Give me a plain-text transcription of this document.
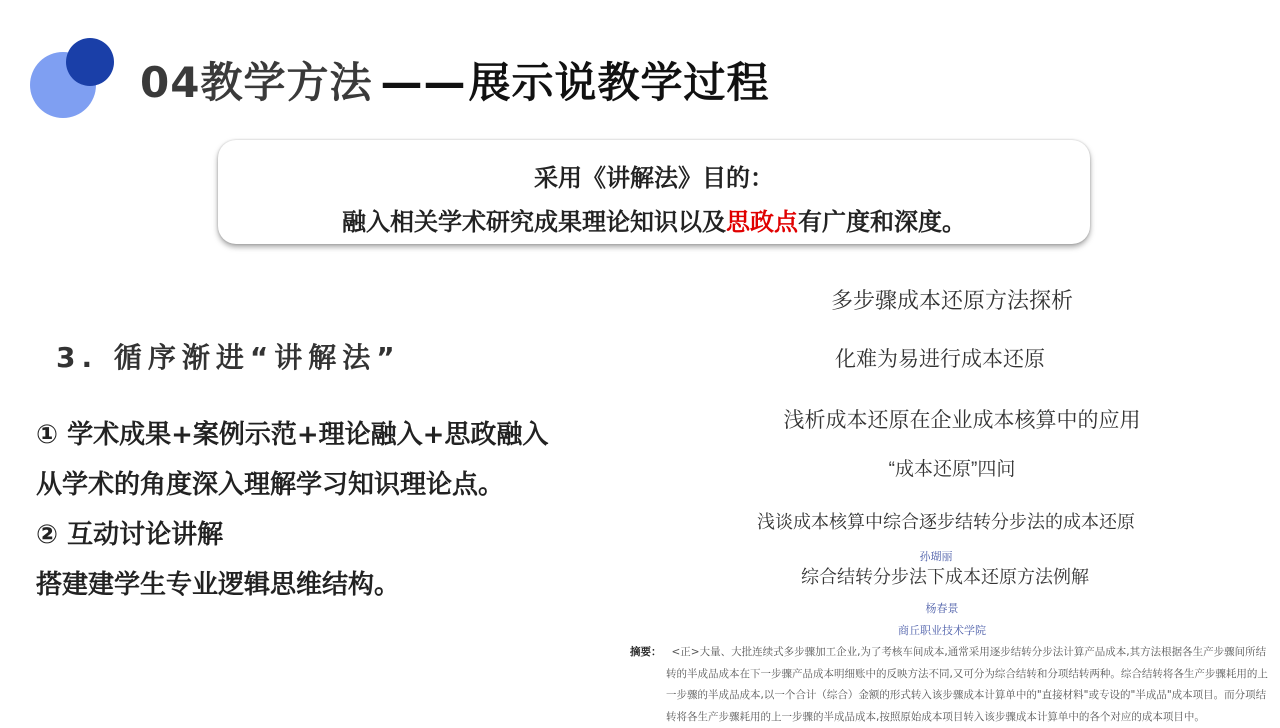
04教学方法 ——展示说教学过程
采用《讲解法》目的：
融入相关学术研究成果理论知识以及思政点有广度和深度。
3. 循序渐进“讲解法”
① 学术成果+案例示范+理论融入+思政融入
从学术的角度深入理解学习知识理论点。
② 互动讨论讲解
搭建建学生专业逻辑思维结构。
多步骤成本还原方法探析
化难为易进行成本还原
浅析成本还原在企业成本核算中的应用
“成本还原”四问
浅谈成本核算中综合逐步结转分步法的成本还原
孙瑚丽
综合结转分步法下成本还原方法例解
杨春景
商丘职业技术学院

摘要： <正>大量、大批连续式多步骤加工企业,为了考核车间成本,通常采用逐步结转分步法计算产品成本,其方法根据各生产步骤间所结

转的半成品成本在下一步骤产品成本明细账中的反映方法不同,又可分为综合结转和分项结转两种。综合结转将各生产步骤耗用的上

一步骤的半成品成本,以一个合计（综合）金额的形式转入该步骤成本计算单中的"直接材料"或专设的"半成品"成本项目。而分项结

转将各生产步骤耗用的上一步骤的半成品成本,按照原始成本项目转入该步骤成本计算单中的各个对应的成本项目中。
